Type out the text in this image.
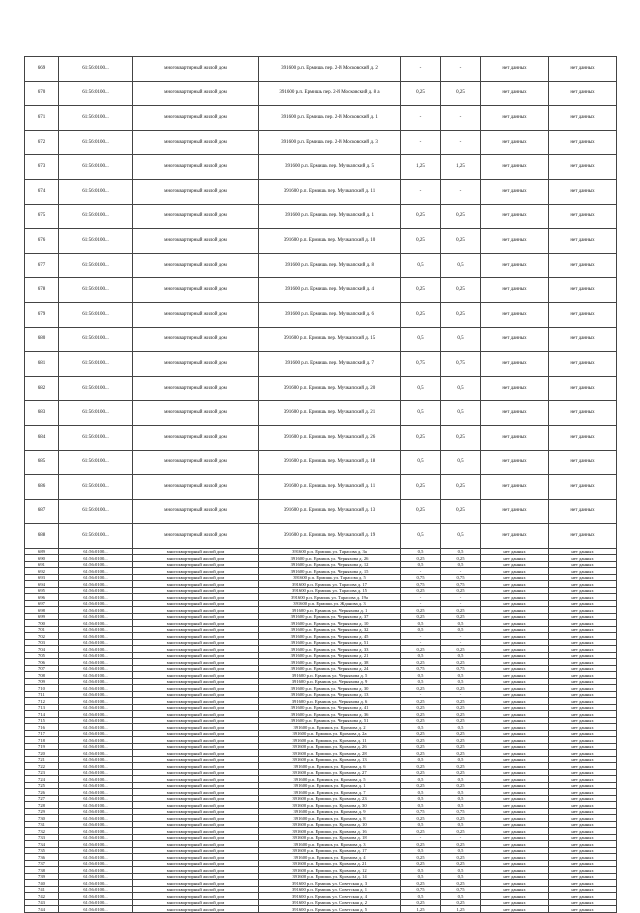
669	61:56:0100...	многоквартирный жилой дом	391600 р.п. Ермишь пер. 2-й Московский д. 2	-	-	нет данных	нет данных
670	61:56:0100...	многоквартирный жилой дом	391600 р.п. Ермишь пер. 2-й Московский д. 8 а	0,25	0,25	нет данных	нет данных
671	61:56:0100...	многоквартирный жилой дом	391600 р.п. Ермишь пер. 2-й Московский д. 1	-	-	нет данных	нет данных
672	61:56:0100...	многоквартирный жилой дом	391600 р.п. Ермишь пер. 2-й Московский д. 3	-	-	нет данных	нет данных
673	61:56:0100...	многоквартирный жилой дом	391600 р.п. Ермишь пер. Мучкапский д. 5	1,25	1,25	нет данных	нет данных
674	61:56:0100...	многоквартирный жилой дом	391600 р.п. Ермишь пер. Мучкапский д. 11	-	-	нет данных	нет данных
675	61:56:0100...	многоквартирный жилой дом	391600 р.п. Ермишь пер. Мучкапский д. 1	0,25	0,25	нет данных	нет данных
676	61:56:0100...	многоквартирный жилой дом	391600 р.п. Ермишь пер. Мучкапский д. 10	0,25	0,25	нет данных	нет данных
677	61:56:0100...	многоквартирный жилой дом	391600 р.п. Ермишь пер. Мучкапский д. 8	0,5	0,5	нет данных	нет данных
678	61:56:0100...	многоквартирный жилой дом	391600 р.п. Ермишь пер. Мучкапский д. 4	0,25	0,25	нет данных	нет данных
679	61:56:0100...	многоквартирный жилой дом	391600 р.п. Ермишь пер. Мучкапский д. 6	0,25	0,25	нет данных	нет данных
680	61:56:0100...	многоквартирный жилой дом	391600 р.п. Ермишь пер. Мучкапский д. 15	0,5	0,5	нет данных	нет данных
681	61:56:0100...	многоквартирный жилой дом	391600 р.п. Ермишь пер. Мучкапский д. 7	0,75	0,75	нет данных	нет данных
682	61:56:0100...	многоквартирный жилой дом	391600 р.п. Ермишь пер. Мучкапский д. 20	0,5	0,5	нет данных	нет данных
683	61:56:0100...	многоквартирный жилой дом	391600 р.п. Ермишь пер. Мучкапский д. 21	0,5	0,5	нет данных	нет данных
684	61:56:0100...	многоквартирный жилой дом	391600 р.п. Ермишь пер. Мучкапский д. 26	0,25	0,25	нет данных	нет данных
685	61:56:0100...	многоквартирный жилой дом	391600 р.п. Ермишь пер. Мучкапский д. 18	0,5	0,5	нет данных	нет данных
686	61:56:0100...	многоквартирный жилой дом	391600 р.п. Ермишь пер. Мучкапский д. 11	0,25	0,25	нет данных	нет данных
687	61:56:0100...	многоквартирный жилой дом	391600 р.п. Ермишь пер. Мучкапский д. 13	0,25	0,25	нет данных	нет данных
688	61:56:0100...	многоквартирный жилой дом	391600 р.п. Ермишь пер. Мучкапский д. 19	0,5	0,5	нет данных	нет данных
689	61:56:0100...	многоквартирный жилой дом	391600 р.п. Ермишь ул. Тарасова д. 3а	0,5	0,5	нет данных	нет данных
690	61:56:0100...	многоквартирный жилой дом	391600 р.п. Ермишь ул. Черняхова д. 26	0,25	0,25	нет данных	нет данных
691	61:56:0100...	многоквартирный жилой дом	391600 р.п. Ермишь ул. Черняхова д. 12	0,5	0,5	нет данных	нет данных
692	61:56:0100...	многоквартирный жилой дом	391600 р.п. Ермишь ул. Черняхова д. 15	-	-	нет данных	нет данных
693	61:56:0100...	многоквартирный жилой дом	391600 р.п. Ермишь ул. Тарасова д. 5	0,75	0,75	нет данных	нет данных
694	61:56:0100...	многоквартирный жилой дом	391600 р.п. Ермишь ул. Тарасова д. 17	0,75	0,75	нет данных	нет данных
695	61:56:0100...	многоквартирный жилой дом	391600 р.п. Ермишь ул. Тарасова д. 15	0,25	0,25	нет данных	нет данных
696	61:56:0100...	многоквартирный жилой дом	391600 р.п. Ермишь ул. Тарасова д. 19а	-	-	нет данных	нет данных
697	61:56:0100...	многоквартирный жилой дом	391600 р.п. Ермишь ул. Жданова д. 3	-	-	нет данных	нет данных
698	61:56:0100...	многоквартирный жилой дом	391600 р.п. Ермишь ул. Черняхова д. 1	0,25	0,25	нет данных	нет данных
699	61:56:0100...	многоквартирный жилой дом	391600 р.п. Ермишь ул. Черняхова д. 37	0,25	0,25	нет данных	нет данных
700	61:56:0100...	многоквартирный жилой дом	391600 р.п. Ермишь ул. Черняхова д. 10	0,5	0,5	нет данных	нет данных
701	61:56:0100...	многоквартирный жилой дом	391600 р.п. Ермишь ул. Черняхова д. 32	0,5	0,5	нет данных	нет данных
702	61:56:0100...	многоквартирный жилой дом	391600 р.п. Ермишь ул. Черняхова д. 45	-	-	нет данных	нет данных
703	61:56:0100...	многоквартирный жилой дом	391600 р.п. Ермишь ул. Черняхова д. 51	-	-	нет данных	нет данных
704	61:56:0100...	многоквартирный жилой дом	391600 р.п. Ермишь ул. Черняхова д. 33	0,25	0,25	нет данных	нет данных
705	61:56:0100...	многоквартирный жилой дом	391600 р.п. Ермишь ул. Черняхова д. 21	0,5	0,5	нет данных	нет данных
706	61:56:0100...	многоквартирный жилой дом	391600 р.п. Ермишь ул. Черняхова д. 38	0,25	0,25	нет данных	нет данных
707	61:56:0100...	многоквартирный жилой дом	391600 р.п. Ермишь ул. Черняхова д. 24	0,75	0,75	нет данных	нет данных
708	61:56:0100...	многоквартирный жилой дом	391600 р.п. Ермишь ул. Черняхова д. 5	0,5	0,5	нет данных	нет данных
709	61:56:0100...	многоквартирный жилой дом	391600 р.п. Ермишь ул. Черняхова д. 9	0,5	0,5	нет данных	нет данных
710	61:56:0100...	многоквартирный жилой дом	391600 р.п. Ермишь ул. Черняхова д. 30	0,25	0,25	нет данных	нет данных
711	61:56:0100...	многоквартирный жилой дом	391600 р.п. Ермишь ул. Черняхова д. 13	-	-	нет данных	нет данных
712	61:56:0100...	многоквартирный жилой дом	391600 р.п. Ермишь ул. Черняхова д. 6	0,25	0,25	нет данных	нет данных
713	61:56:0100...	многоквартирный жилой дом	391600 р.п. Ермишь ул. Черняхова д. 41	0,25	0,25	нет данных	нет данных
714	61:56:0100...	многоквартирный жилой дом	391600 р.п. Ермишь ул. Черняхова д. 36	0,25	0,25	нет данных	нет данных
715	61:56:0100...	многоквартирный жилой дом	391600 р.п. Ермишь ул. Черняхова д. 51	0,25	0,25	нет данных	нет данных
716	61:56:0100...	многоквартирный жилой дом	391600 р.п. Ермишь ул. Кромова д. 2	0,5	0,5	нет данных	нет данных
717	61:56:0100...	многоквартирный жилой дом	391600 р.п. Ермишь ул. Кромова д. 2а	0,25	0,25	нет данных	нет данных
718	61:56:0100...	многоквартирный жилой дом	391600 р.п. Ермишь ул. Кромова д. 11	0,25	0,25	нет данных	нет данных
719	61:56:0100...	многоквартирный жилой дом	391600 р.п. Ермишь ул. Кромова д. 26	0,25	0,25	нет данных	нет данных
720	61:56:0100...	многоквартирный жилой дом	391600 р.п. Ермишь ул. Кромова д. 28	0,25	0,25	нет данных	нет данных
721	61:56:0100...	многоквартирный жилой дом	391600 р.п. Ермишь ул. Кромова д. 13	0,5	0,5	нет данных	нет данных
722	61:56:0100...	многоквартирный жилой дом	391600 р.п. Ермишь ул. Кромова д. 6	0,25	0,25	нет данных	нет данных
723	61:56:0100...	многоквартирный жилой дом	391600 р.п. Ермишь ул. Кромова д. 27	0,25	0,25	нет данных	нет данных
724	61:56:0100...	многоквартирный жилой дом	391600 р.п. Ермишь ул. Кромова д. 5	0,5	0,5	нет данных	нет данных
725	61:56:0100...	многоквартирный жилой дом	391600 р.п. Ермишь ул. Кромова д. 1	0,25	0,25	нет данных	нет данных
726	61:56:0100...	многоквартирный жилой дом	391600 р.п. Ермишь ул. Кромова д. 7	0,5	0,5	нет данных	нет данных
727	61:56:0100...	многоквартирный жилой дом	391600 р.п. Ермишь ул. Кромова д. 23	0,5	0,5	нет данных	нет данных
728	61:56:0100...	многоквартирный жилой дом	391600 р.п. Ермишь ул. Кромова д. 30	0,5	0,5	нет данных	нет данных
729	61:56:0100...	многоквартирный жилой дом	391600 р.п. Ермишь ул. Кромова д. 9	0,75	0,75	нет данных	нет данных
730	61:56:0100...	многоквартирный жилой дом	391600 р.п. Ермишь ул. Кромова д. 8	0,25	0,25	нет данных	нет данных
731	61:56:0100...	многоквартирный жилой дом	391600 р.п. Ермишь ул. Кромова д. 10	0,5	0,5	нет данных	нет данных
732	61:56:0100...	многоквартирный жилой дом	391600 р.п. Ермишь ул. Кромова д. 16	0,25	0,25	нет данных	нет данных
733	61:56:0100...	многоквартирный жилой дом	391600 р.п. Ермишь ул. Кромова д. 18	-	-	нет данных	нет данных
734	61:56:0100...	многоквартирный жилой дом	391600 р.п. Ермишь ул. Кромова д. 3	0,25	0,25	нет данных	нет данных
735	61:56:0100...	многоквартирный жилой дом	391600 р.п. Ермишь ул. Кромова д. 17	0,5	0,5	нет данных	нет данных
736	61:56:0100...	многоквартирный жилой дом	391600 р.п. Ермишь ул. Кромова д. 4	0,25	0,25	нет данных	нет данных
737	61:56:0100...	многоквартирный жилой дом	391600 р.п. Ермишь ул. Кромова д. 21	0,25	0,25	нет данных	нет данных
738	61:56:0100...	многоквартирный жилой дом	391600 р.п. Ермишь ул. Кромова д. 12	0,5	0,5	нет данных	нет данных
739	61:56:0100...	многоквартирный жилой дом	391600 р.п. Ермишь ул. Кромова д. 14	0,5	0,5	нет данных	нет данных
740	61:56:0100...	многоквартирный жилой дом	391600 р.п. Ермишь ул. Советская д. 3	0,25	0,25	нет данных	нет данных
741	61:56:0100...	многоквартирный жилой дом	391600 р.п. Ермишь ул. Советская д. 1	0,75	0,75	нет данных	нет данных
742	61:56:0100...	многоквартирный жилой дом	391600 р.п. Ермишь ул. Советская д. 4	0,5	0,5	нет данных	нет данных
743	61:56:0100...	многоквартирный жилой дом	391600 р.п. Ермишь ул. Советская д. 2	0,25	0,25	нет данных	нет данных
744	61:56:0100...	многоквартирный жилой дом	391600 р.п. Ермишь ул. Советская д. 5	1,25	1,25	нет данных	нет данных
